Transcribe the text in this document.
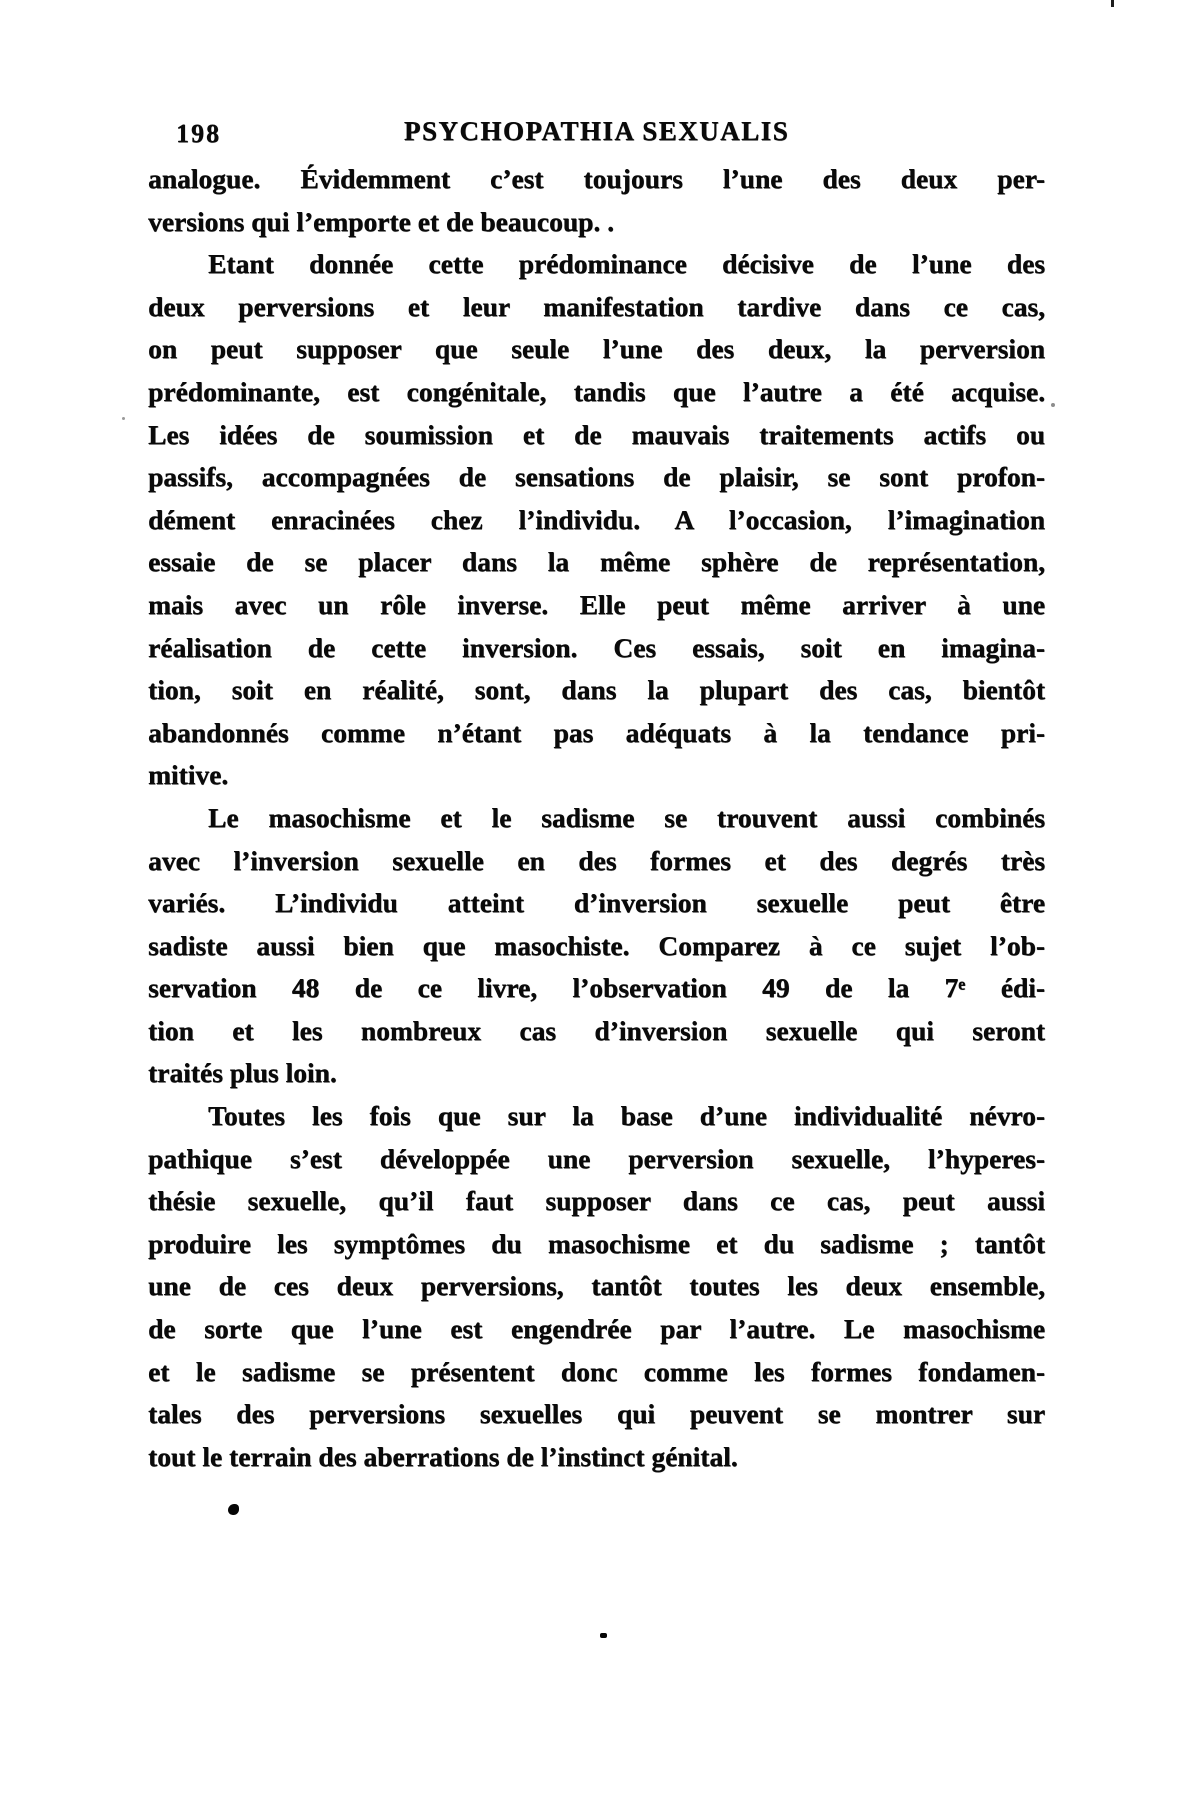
198	PSYCHOPATHIA SEXUALIS
analogue. Évidemment c’est toujours l’une des deux per-
versions qui l’emporte et de beaucoup. .
Etant donnée cette prédominance décisive de l’une des
deux perversions et leur manifestation tardive dans ce cas,
on peut supposer que seule l’une des deux, la perversion
prédominante, est congénitale, tandis que l’autre a été acquise.
Les idées de soumission et de mauvais traitements actifs ou
passifs, accompagnées de sensations de plaisir, se sont profon-
dément enracinées chez l’individu. A l’occasion, l’imagination
essaie de se placer dans la même sphère de représentation,
mais avec un rôle inverse. Elle peut même arriver à une
réalisation de cette inversion. Ces essais, soit en imagina-
tion, soit en réalité, sont, dans la plupart des cas, bientôt
abandonnés comme n’étant pas adéquats à la tendance pri-
mitive.
Le masochisme et le sadisme se trouvent aussi combinés
avec l’inversion sexuelle en des formes et des degrés très
variés. L’individu atteint d’inversion sexuelle peut être
sadiste aussi bien que masochiste. Comparez à ce sujet l’ob-
servation 48 de ce livre, l’observation 49 de la 7ᵉ édi-
tion et les nombreux cas d’inversion sexuelle qui seront
traités plus loin.
Toutes les fois que sur la base d’une individualité névro-
pathique s’est développée une perversion sexuelle, l’hyperes-
thésie sexuelle, qu’il faut supposer dans ce cas, peut aussi
produire les symptômes du masochisme et du sadisme ; tantôt
une de ces deux perversions, tantôt toutes les deux ensemble,
de sorte que l’une est engendrée par l’autre. Le masochisme
et le sadisme se présentent donc comme les formes fondamen-
tales des perversions sexuelles qui peuvent se montrer sur
tout le terrain des aberrations de l’instinct génital.
